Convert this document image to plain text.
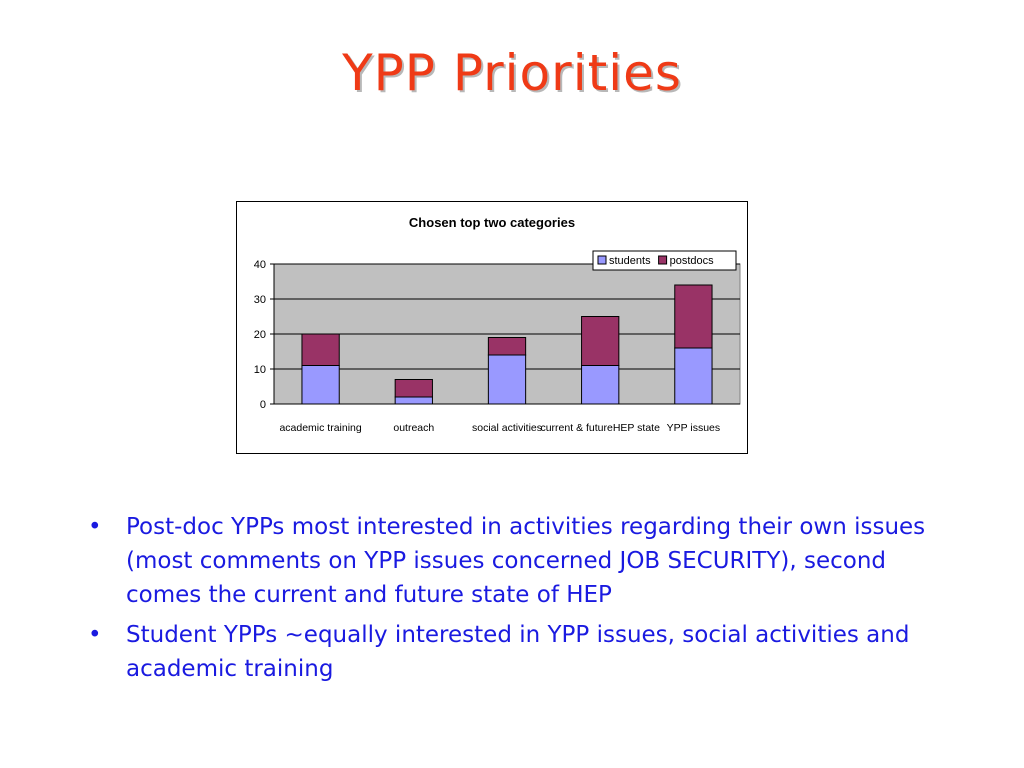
YPP Priorities
Chosen top two categories
0
10
20
30
40
academic training	outreach	social activities
current & futureHEP state YPP issues
students postdocs
• Post-doc YPPs most interested in activities regarding their own issues (most comments on YPP issues concerned JOB SECURITY), second comes the current and future state of HEP
• Student YPPs ~equally interested in YPP issues, social activities and academic training
